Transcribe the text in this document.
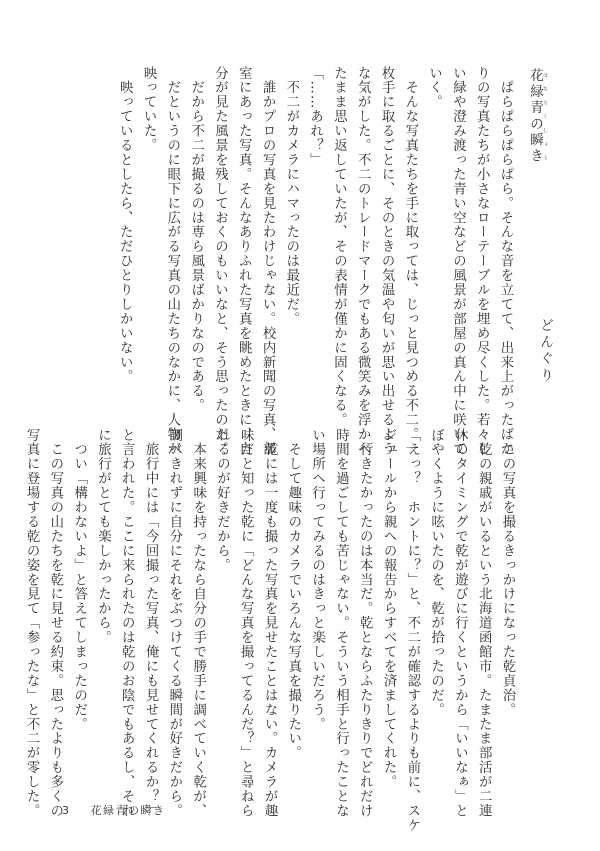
花緑青の瞬き はなろくしょう
どんぐり
　ぱらぱらぱらぱら。そんな音を立てて、出来上がったばか
りの写真たちが小さなローテーブルを埋め尽くした。若々し
い緑や澄み渡った青い空などの風景が部屋の真ん中に咲いて
いく。
　そんな写真たちを手に取っては、じっと見つめる不二。一
枚手に取るごとに、そのときの気温や匂いが思い出せるよう
な気がした。不二のトレードマークでもある微笑みを浮かべ
たまま思い返していたが、その表情が僅かに固くなる。
「……あれ？」
　不二がカメラにハマったのは最近だ。
　誰かプロの写真を見たわけじゃない。校内新聞の写真、部
室にあった写真。そんなありふれた写真を眺めたときに、自
分が見た風景を残しておくのもいいなと、そう思ったのだ。
　だから不二が撮るのは専ら風景ばかりなのである。
　だというのに眼下に広がる写真の山たちのなかに、人物が
映っていた。
　映っているとしたら、ただひとりしかいない。
　この写真を撮るきっかけになった乾貞治。
　乾の親戚がいるという北海道函館市。たまたま部活が二連
休のタイミングで乾が遊びに行くというから「いいなぁ」と
ぼやくように呟いたのを、乾が拾ったのだ。
「えっ？　ホントに？」と、不二が確認するよりも前に、スケ
ジュールから親への報告からすべてを済ましてくれた。
　行きたかったのは本当だ。乾とならふたりきりでどれだけ
時間を過ごしても苦じゃない。そういう相手と行ったことな
い場所へ行ってみるのはきっと楽しいだろう。
　そして趣味のカメラでいろんな写真を撮りたい。
　乾には一度も撮った写真を見せたことはない。カメラが趣
味だと知った乾に「どんな写真を撮ってるんだ？」と尋ねら
れるのが好きだから。
　本来興味を持ったなら自分の手で勝手に調べていく乾が、
調べきれずに自分にそれをぶつけてくる瞬間が好きだから。
　旅行中には「今回撮った写真、俺にも見せてくれるか？」
と言われた。ここに来られたのは乾のお陰でもあるし、それ
に旅行がとても楽しかったから。
　つい「構わないよ」と答えてしまったのだ。
　この写真の山たちを乾に見せる約束。思ったよりも多くの
写真に登場する乾の姿を見て「参ったな」と不二が零した。	3 花緑青の瞬き
